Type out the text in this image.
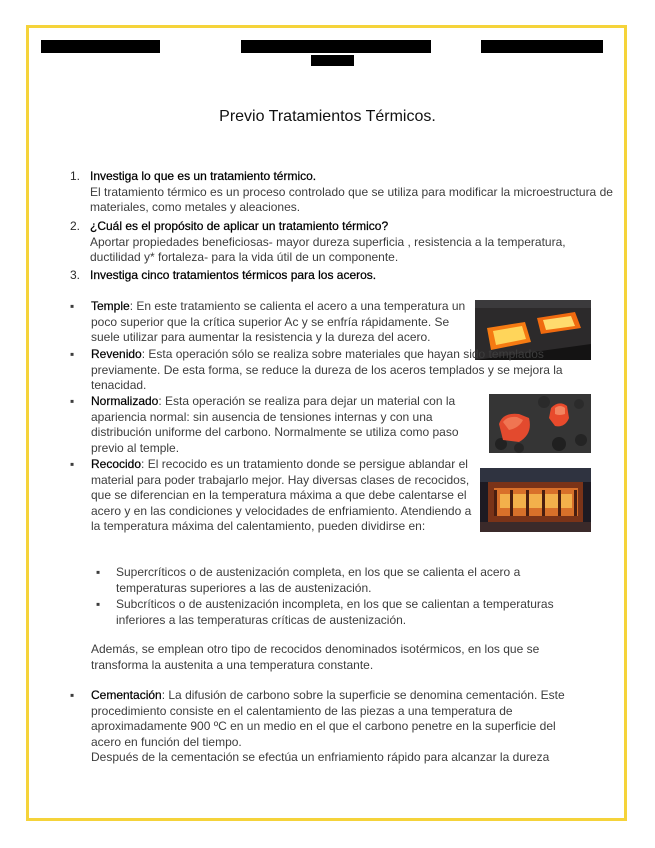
Previo Tratamientos Térmicos.
1. Investiga lo que es un tratamiento térmico.
El tratamiento térmico es un proceso controlado que se utiliza para modificar la microestructura de materiales, como metales y aleaciones.
2. ¿Cuál es el propósito de aplicar un tratamiento térmico?
Aportar propiedades beneficiosas- mayor dureza superficia , resistencia a la temperatura, ductilidad y* fortaleza- para la vida útil de un componente.
3. Investiga cinco tratamientos térmicos para los aceros.
▪ Temple: En este tratamiento se calienta el acero a una temperatura un poco superior que la crítica superior Ac y se enfría rápidamente. Se suele utilizar para aumentar la resistencia y la dureza del acero.
▪ Revenido: Esta operación sólo se realiza sobre materiales que hayan sido templados previamente. De esta forma, se reduce la dureza de los aceros templados y se mejora la tenacidad.
▪ Normalizado: Esta operación se realiza para dejar un material con la apariencia normal: sin ausencia de tensiones internas y con una distribución uniforme del carbono. Normalmente se utiliza como paso previo al temple.
▪ Recocido: El recocido es un tratamiento donde se persigue ablandar el material para poder trabajarlo mejor. Hay diversas clases de recocidos, que se diferencian en la temperatura máxima a que debe calentarse el acero y en las condiciones y velocidades de enfriamiento. Atendiendo a la temperatura máxima del calentamiento, pueden dividirse en:
▪ Supercríticos o de austenización completa, en los que se calienta el acero a temperaturas superiores a las de austenización.
▪ Subcríticos o de austenización incompleta, en los que se calientan a temperaturas inferiores a las temperaturas críticas de austenización.
Además, se emplean otro tipo de recocidos denominados isotérmicos, en los que se transforma la austenita a una temperatura constante.
▪ Cementación: La difusión de carbono sobre la superficie se denomina cementación. Este procedimiento consiste en el calentamiento de las piezas a una temperatura de aproximadamente 900 ºC en un medio en el que el carbono penetre en la superficie del acero en función del tiempo.
Después de la cementación se efectúa un enfriamiento rápido para alcanzar la dureza
